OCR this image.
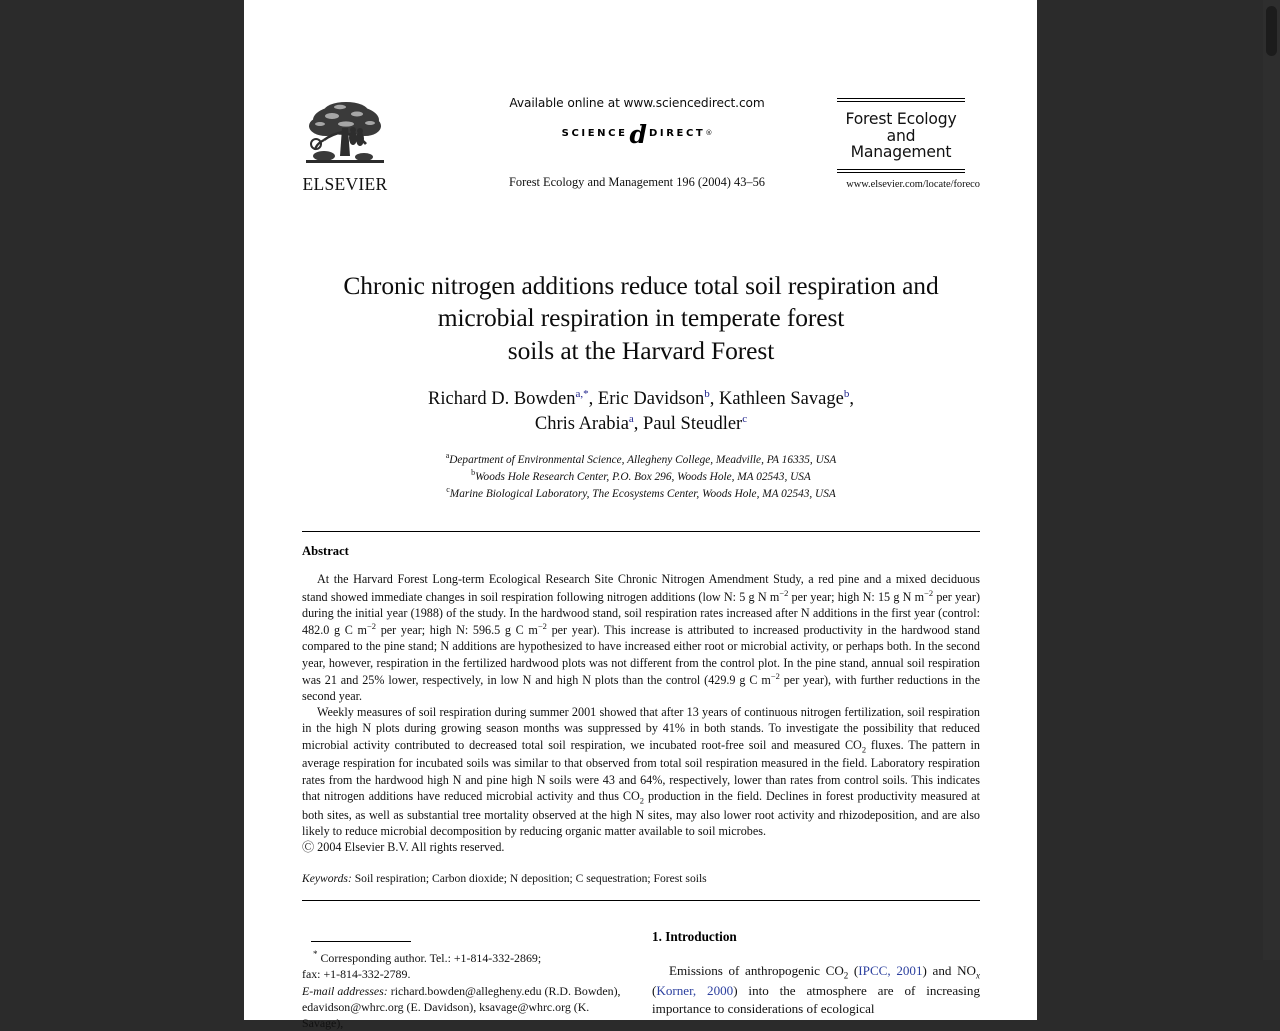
ELSEVIER
Available online at www.sciencedirect.com
SCIENCE d DIRECT ®
Forest Ecology and Management 196 (2004) 43–56
Forest Ecology
and
Management
www.elsevier.com/locate/foreco
Chronic nitrogen additions reduce total soil respiration and
microbial respiration in temperate forest
soils at the Harvard Forest
Richard D. Bowden$^{a,*}$, Eric Davidson$^b$, Kathleen Savage$^b$,
Chris Arabia$^a$, Paul Steudler$^c$
$^a$Department of Environmental Science, Allegheny College, Meadville, PA 16335, USA
$^b$Woods Hole Research Center, P.O. Box 296, Woods Hole, MA 02543, USA
$^c$Marine Biological Laboratory, The Ecosystems Center, Woods Hole, MA 02543, USA
Abstract

At the Harvard Forest Long-term Ecological Research Site Chronic Nitrogen Amendment Study, a red pine and a mixed deciduous stand showed immediate changes in soil respiration following nitrogen additions (low N: 5 g N $m^{-2}$ per year; high N: 15 g N $m^{-2}$ per year) during the initial year (1988) of the study. In the hardwood stand, soil respiration rates increased after N additions in the first year (control: 482.0 g C $m^{-2}$ per year; high N: 596.5 g C $m^{-2}$ per year). This increase is attributed to increased productivity in the hardwood stand compared to the pine stand; N additions are hypothesized to have increased either root or microbial activity, or perhaps both. In the second year, however, respiration in the fertilized hardwood plots was not different from the control plot. In the pine stand, annual soil respiration was 21 and 25% lower, respectively, in low N and high N plots than the control (429.9 g C $m^{-2}$ per year), with further reductions in the second year.

Weekly measures of soil respiration during summer 2001 showed that after 13 years of continuous nitrogen fertilization, soil respiration in the high N plots during growing season months was suppressed by 41% in both stands. To investigate the possibility that reduced microbial activity contributed to decreased total soil respiration, we incubated root-free soil and measured $CO_2$ fluxes. The pattern in average respiration for incubated soils was similar to that observed from total soil respiration measured in the field. Laboratory respiration rates from the hardwood high N and pine high N soils were 43 and 64%, respectively, lower than rates from control soils. This indicates that nitrogen additions have reduced microbial activity and thus $CO_2$ production in the field. Declines in forest productivity measured at both sites, as well as substantial tree mortality observed at the high N sites, may also lower root activity and rhizodeposition, and are also likely to reduce microbial decomposition by reducing organic matter available to soil microbes.

Ⓒ 2004 Elsevier B.V. All rights reserved.

Keywords: Soil respiration; Carbon dioxide; N deposition; C sequestration; Forest soils
* Corresponding author. Tel.: +1-814-332-2869;
fax: +1-814-332-2789.
E-mail addresses: richard.bowden@allegheny.edu (R.D. Bowden),
edavidson@whrc.org (E. Davidson), ksavage@whrc.org (K. Savage),
1. Introduction

Emissions of anthropogenic $CO_2$ (IPCC, 2001) and $NO_x$ (Korner, 2000) into the atmosphere are of increasing importance to considerations of ecological
